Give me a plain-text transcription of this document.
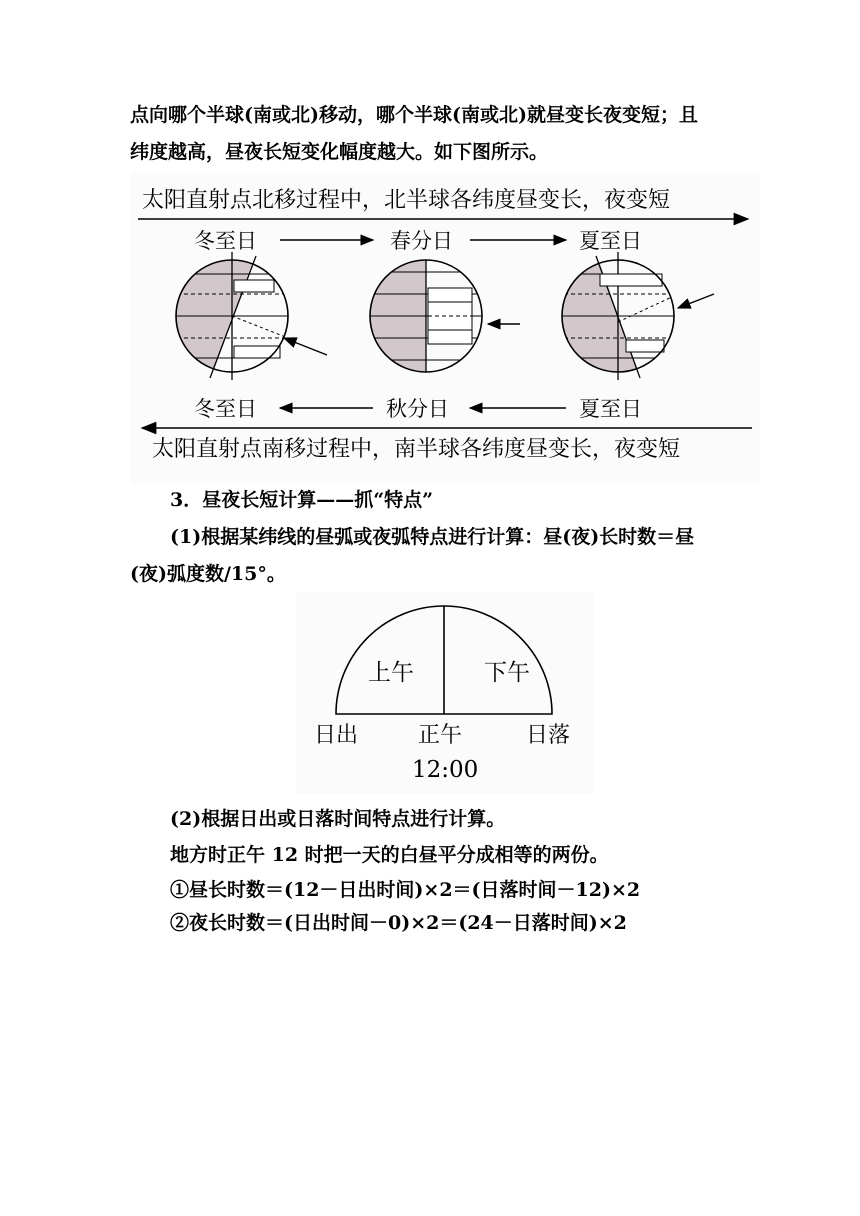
点向哪个半球(南或北)移动，哪个半球(南或北)就昼变长夜变短；且
纬度越高，昼夜长短变化幅度越大。如下图所示。
太阳直射点北移过程中，北半球各纬度昼变长，夜变短
冬至日	春分日	夏至日
冬至日	秋分日	夏至日
太阳直射点南移过程中，南半球各纬度昼变长，夜变短
3．昼夜长短计算——抓“特点”
(1)根据某纬线的昼弧或夜弧特点进行计算：昼(夜)长时数＝昼
(夜)弧度数/15°。
上午	下午
日出	正午	日落
12:00
(2)根据日出或日落时间特点进行计算。
地方时正午 12 时把一天的白昼平分成相等的两份。
①昼长时数＝(12－日出时间)×2＝(日落时间－12)×2
②夜长时数＝(日出时间－0)×2＝(24－日落时间)×2
